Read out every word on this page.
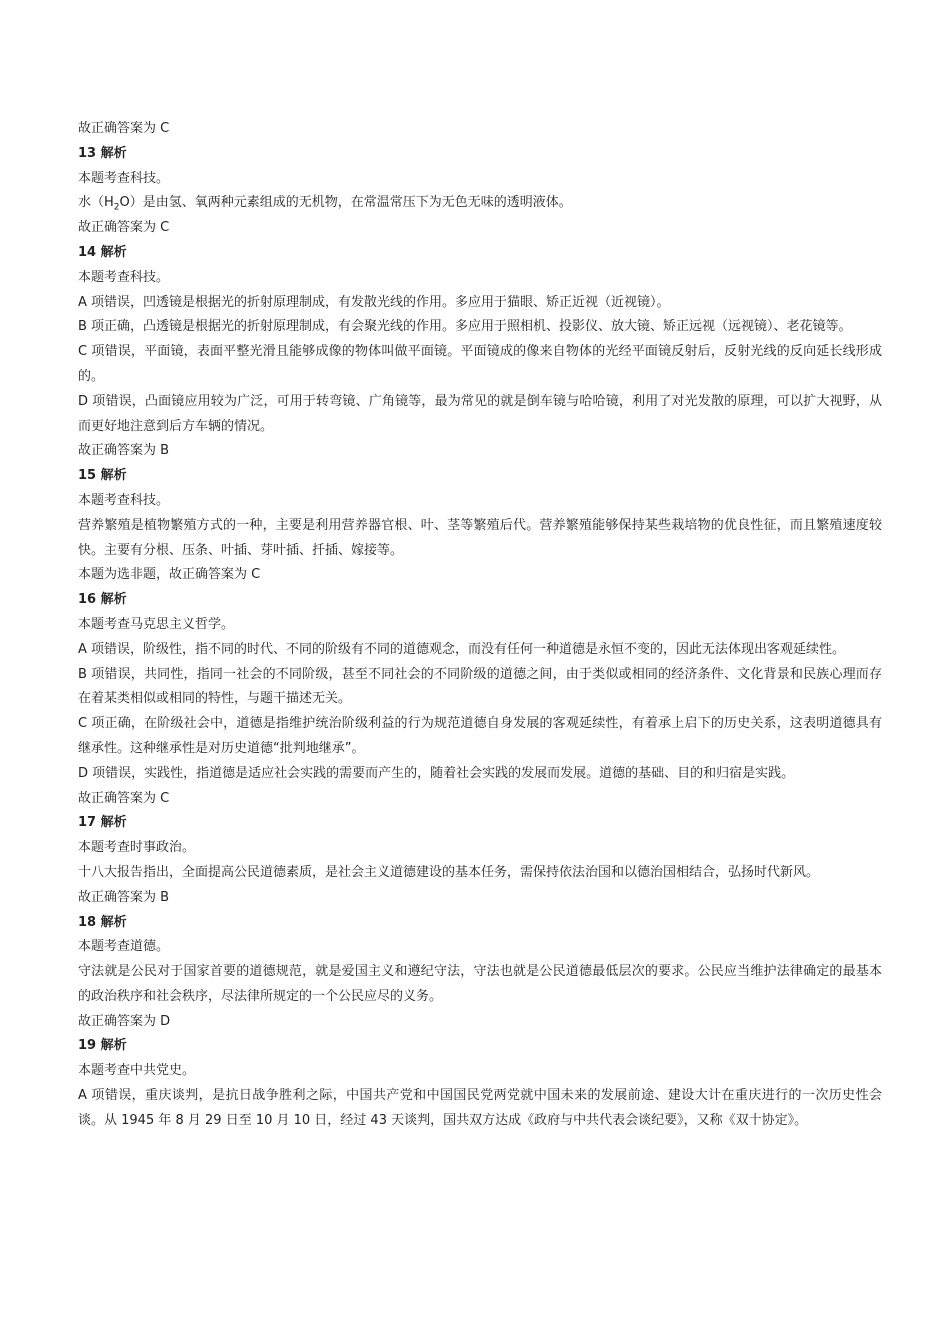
故正确答案为 C

13 解析

本题考查科技。

水$(H_2O)$是由氢、氧两种元素组成的无机物，在常温常压下为无色无味的透明液体。

故正确答案为 C

14 解析

本题考查科技。

A 项错误，凹透镜是根据光的折射原理制成，有发散光线的作用。多应用于猫眼、矫正近视（近视镜）。

B 项正确，凸透镜是根据光的折射原理制成，有会聚光线的作用。多应用于照相机、投影仪、放大镜、矫正远视（远视镜）、老花镜等。

C 项错误，平面镜，表面平整光滑且能够成像的物体叫做平面镜。平面镜成的像来自物体的光经平面镜反射后，反射光线的反向延长线形成的。

D 项错误，凸面镜应用较为广泛，可用于转弯镜、广角镜等，最为常见的就是倒车镜与哈哈镜，利用了对光发散的原理，可以扩大视野，从而更好地注意到后方车辆的情况。

故正确答案为 B

15 解析

本题考查科技。

营养繁殖是植物繁殖方式的一种，主要是利用营养器官根、叶、茎等繁殖后代。营养繁殖能够保持某些栽培物的优良性征，而且繁殖速度较快。主要有分根、压条、叶插、芽叶插、扦插、嫁接等。

本题为选非题，故正确答案为 C

16 解析

本题考查马克思主义哲学。

A 项错误，阶级性，指不同的时代、不同的阶级有不同的道德观念，而没有任何一种道德是永恒不变的，因此无法体现出客观延续性。

B 项错误，共同性，指同一社会的不同阶级，甚至不同社会的不同阶级的道德之间，由于类似或相同的经济条件、文化背景和民族心理而存在着某类相似或相同的特性，与题干描述无关。

C 项正确，在阶级社会中，道德是指维护统治阶级利益的行为规范道德自身发展的客观延续性，有着承上启下的历史关系，这表明道德具有继承性。这种继承性是对历史道德“批判地继承”。

D 项错误，实践性，指道德是适应社会实践的需要而产生的，随着社会实践的发展而发展。道德的基础、目的和归宿是实践。

故正确答案为 C

17 解析

本题考查时事政治。

十八大报告指出，全面提高公民道德素质，是社会主义道德建设的基本任务，需保持依法治国和以德治国相结合，弘扬时代新风。

故正确答案为 B

18 解析

本题考查道德。

守法就是公民对于国家首要的道德规范，就是爱国主义和遵纪守法，守法也就是公民道德最低层次的要求。公民应当维护法律确定的最基本的政治秩序和社会秩序，尽法律所规定的一个公民应尽的义务。

故正确答案为 D

19 解析

本题考查中共党史。

A 项错误，重庆谈判，是抗日战争胜利之际，中国共产党和中国国民党两党就中国未来的发展前途、建设大计在重庆进行的一次历史性会谈。从 1945 年 8 月 29 日至 10 月 10 日，经过 43 天谈判，国共双方达成《政府与中共代表会谈纪要》，又称《双十协定》。
